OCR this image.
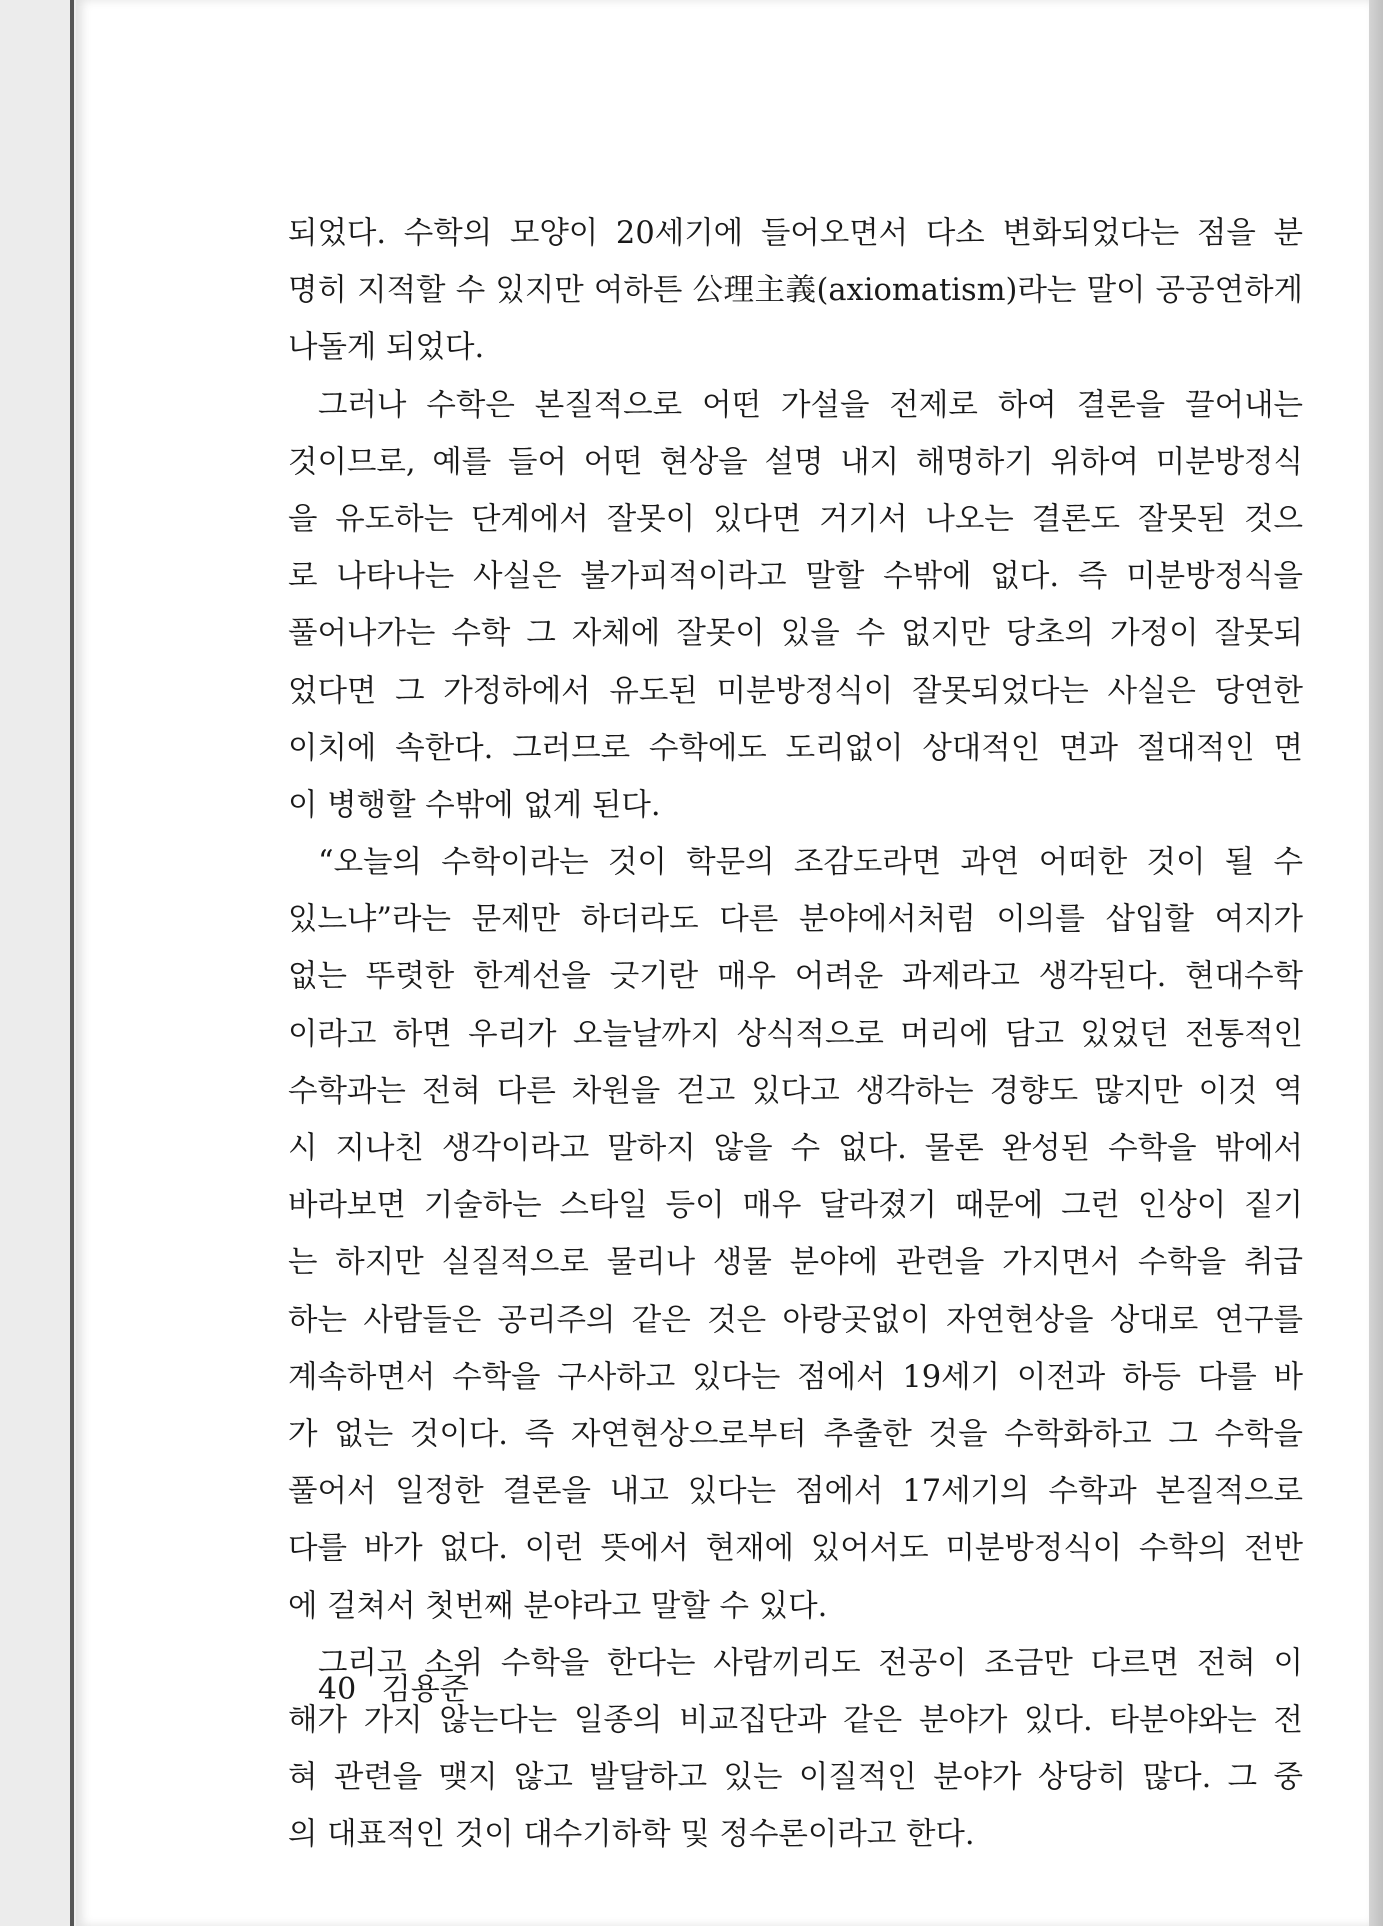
되었다. 수학의 모양이 20세기에 들어오면서 다소 변화되었다는 점을 분
명히 지적할 수 있지만 여하튼 公理主義(axiomatism)라는 말이 공공연하게
나돌게 되었다.
그러나 수학은 본질적으로 어떤 가설을 전제로 하여 결론을 끌어내는
것이므로, 예를 들어 어떤 현상을 설명 내지 해명하기 위하여 미분방정식
을 유도하는 단계에서 잘못이 있다면 거기서 나오는 결론도 잘못된 것으
로 나타나는 사실은 불가피적이라고 말할 수밖에 없다. 즉 미분방정식을
풀어나가는 수학 그 자체에 잘못이 있을 수 없지만 당초의 가정이 잘못되
었다면 그 가정하에서 유도된 미분방정식이 잘못되었다는 사실은 당연한
이치에 속한다. 그러므로 수학에도 도리없이 상대적인 면과 절대적인 면
이 병행할 수밖에 없게 된다.
“오늘의 수학이라는 것이 학문의 조감도라면 과연 어떠한 것이 될 수
있느냐”라는 문제만 하더라도 다른 분야에서처럼 이의를 삽입할 여지가
없는 뚜렷한 한계선을 긋기란 매우 어려운 과제라고 생각된다. 현대수학
이라고 하면 우리가 오늘날까지 상식적으로 머리에 담고 있었던 전통적인
수학과는 전혀 다른 차원을 걷고 있다고 생각하는 경향도 많지만 이것 역
시 지나친 생각이라고 말하지 않을 수 없다. 물론 완성된 수학을 밖에서
바라보면 기술하는 스타일 등이 매우 달라졌기 때문에 그런 인상이 짙기
는 하지만 실질적으로 물리나 생물 분야에 관련을 가지면서 수학을 취급
하는 사람들은 공리주의 같은 것은 아랑곳없이 자연현상을 상대로 연구를
계속하면서 수학을 구사하고 있다는 점에서 19세기 이전과 하등 다를 바
가 없는 것이다. 즉 자연현상으로부터 추출한 것을 수학화하고 그 수학을
풀어서 일정한 결론을 내고 있다는 점에서 17세기의 수학과 본질적으로
다를 바가 없다. 이런 뜻에서 현재에 있어서도 미분방정식이 수학의 전반
에 걸쳐서 첫번째 분야라고 말할 수 있다.
그리고 소위 수학을 한다는 사람끼리도 전공이 조금만 다르면 전혀 이
해가 가지 않는다는 일종의 비교집단과 같은 분야가 있다. 타분야와는 전
혀 관련을 맺지 않고 발달하고 있는 이질적인 분야가 상당히 많다. 그 중
의 대표적인 것이 대수기하학 및 정수론이라고 한다.
40 김용준
